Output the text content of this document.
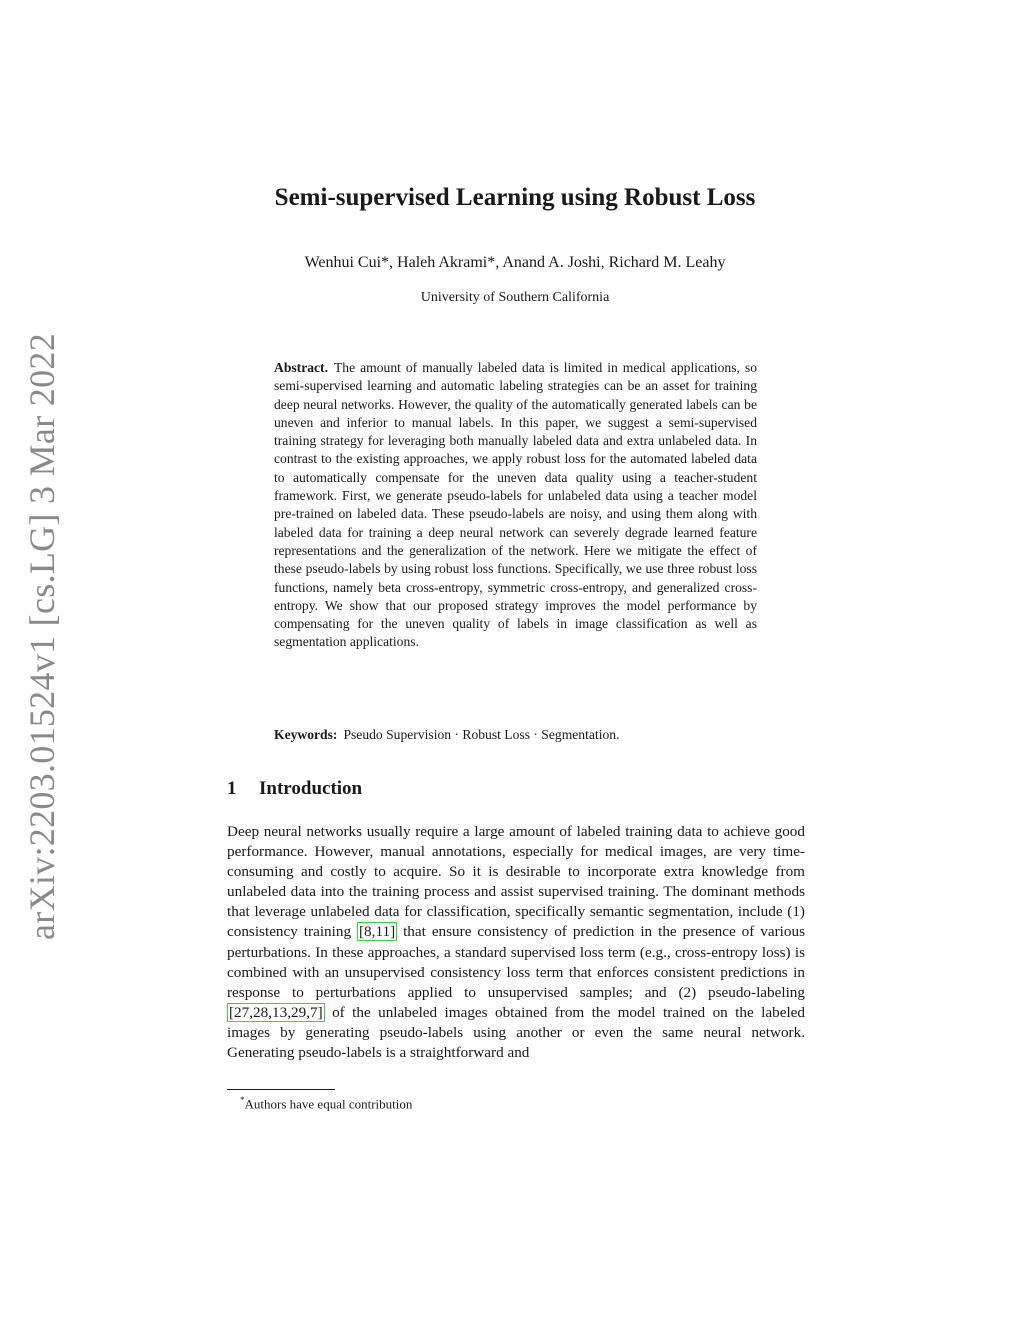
arXiv:2203.01524v1 [cs.LG] 3 Mar 2022
Semi-supervised Learning using Robust Loss

Wenhui Cui*, Haleh Akrami*, Anand A. Joshi, Richard M. Leahy

University of Southern California

Abstract. The amount of manually labeled data is limited in medical applications, so semi-supervised learning and automatic labeling strategies can be an asset for training deep neural networks. However, the quality of the automatically generated labels can be uneven and inferior to manual labels. In this paper, we suggest a semi-supervised training strategy for leveraging both manually labeled data and extra unlabeled data. In contrast to the existing approaches, we apply robust loss for the automated labeled data to automatically compensate for the uneven data quality using a teacher-student framework. First, we generate pseudo-labels for unlabeled data using a teacher model pre-trained on labeled data. These pseudo-labels are noisy, and using them along with labeled data for training a deep neural network can severely degrade learned feature representations and the generalization of the network. Here we mitigate the effect of these pseudo-labels by using robust loss functions. Specifically, we use three robust loss functions, namely beta cross-entropy, symmetric cross-entropy, and generalized cross-entropy. We show that our proposed strategy improves the model performance by compensating for the uneven quality of labels in image classification as well as segmentation applications.

Keywords: Pseudo Supervision · Robust Loss · Segmentation.

1 Introduction

Deep neural networks usually require a large amount of labeled training data to achieve good performance. However, manual annotations, especially for medical images, are very time-consuming and costly to acquire. So it is desirable to incorporate extra knowledge from unlabeled data into the training process and assist supervised training. The dominant methods that leverage unlabeled data for classification, specifically semantic segmentation, include (1) consistency training [8,11] that ensure consistency of prediction in the presence of various perturbations. In these approaches, a standard supervised loss term (e.g., cross-entropy loss) is combined with an unsupervised consistency loss term that enforces consistent predictions in response to perturbations applied to unsupervised samples; and (2) pseudo-labeling [27,28,13,29,7] of the unlabeled images obtained from the model trained on the labeled images by generating pseudo-labels using another or even the same neural network. Generating pseudo-labels is a straightforward and

*Authors have equal contribution
